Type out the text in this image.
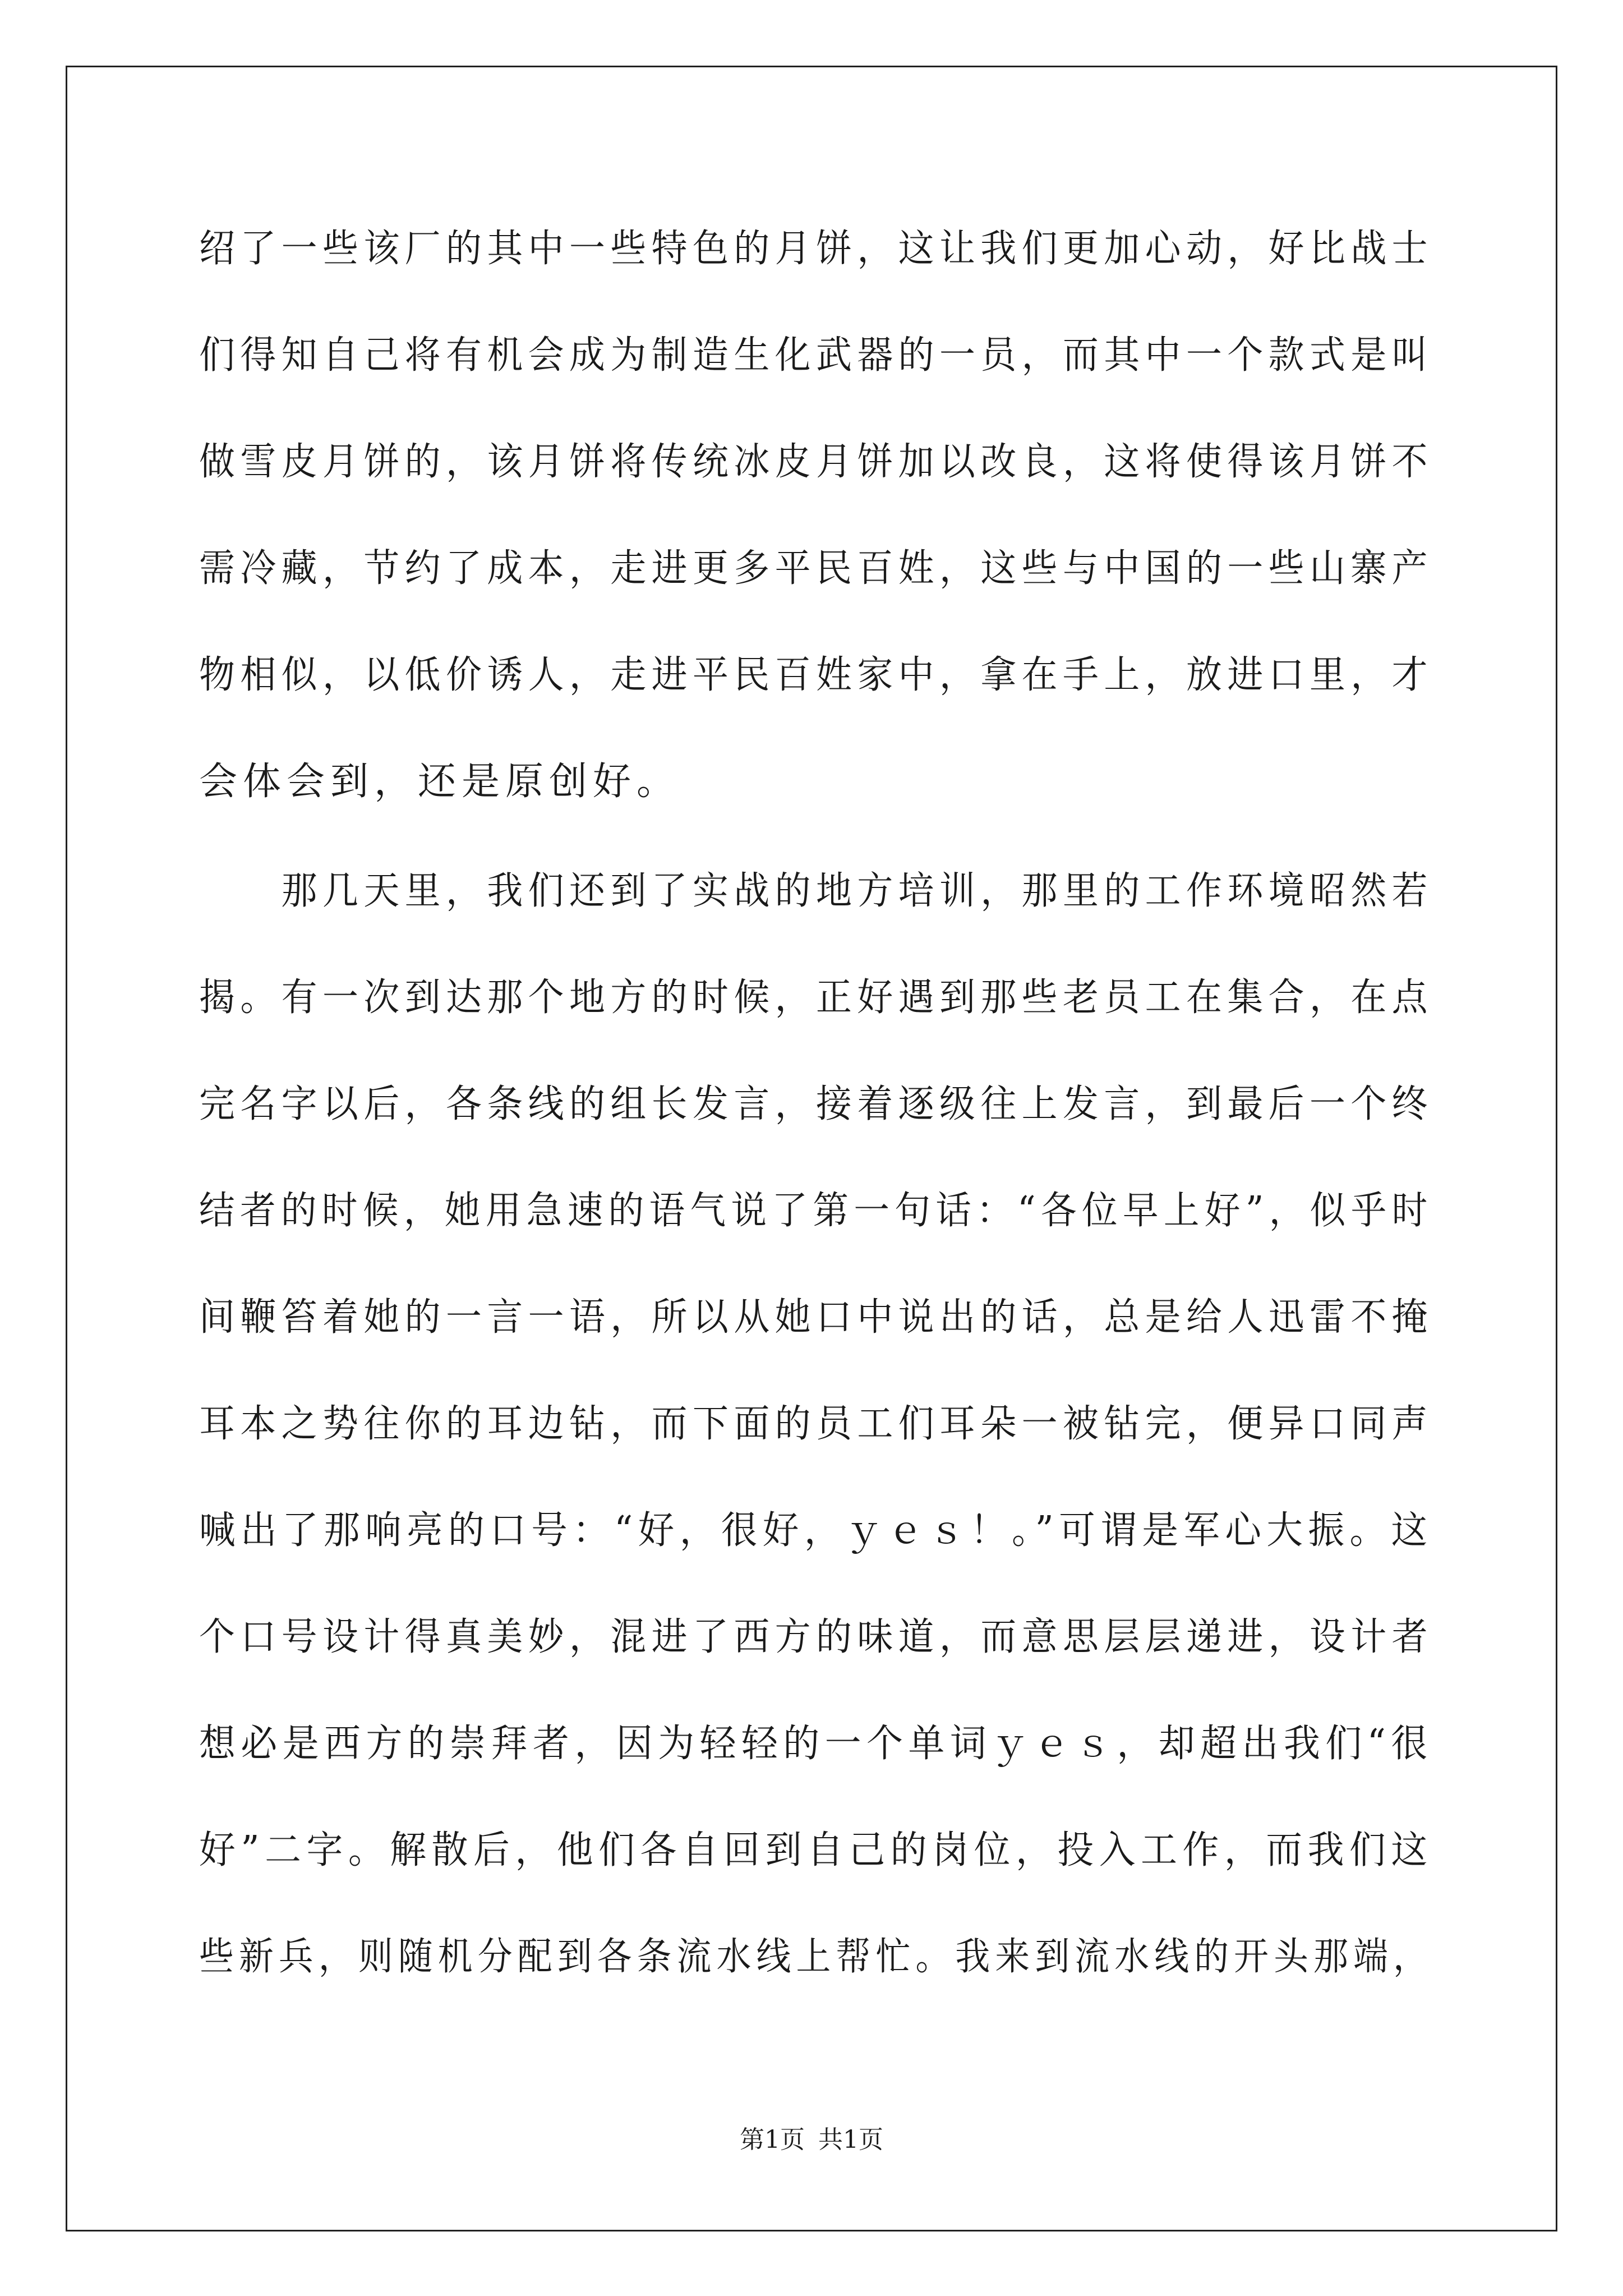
绍了一些该厂的其中一些特色的月饼，这让我们更加心动，好比战士
们得知自己将有机会成为制造生化武器的一员，而其中一个款式是叫
做雪皮月饼的，该月饼将传统冰皮月饼加以改良，这将使得该月饼不
需冷藏，节约了成本，走进更多平民百姓，这些与中国的一些山寨产
物相似，以低价诱人，走进平民百姓家中，拿在手上，放进口里，才
会体会到，还是原创好。
　　那几天里，我们还到了实战的地方培训，那里的工作环境昭然若
揭。有一次到达那个地方的时候，正好遇到那些老员工在集合，在点
完名字以后，各条线的组长发言，接着逐级往上发言，到最后一个终
结者的时候，她用急速的语气说了第一句话：“各位早上好”，似乎时
间鞭笞着她的一言一语，所以从她口中说出的话，总是给人迅雷不掩
耳本之势往你的耳边钻，而下面的员工们耳朵一被钻完，便异口同声
喊出了那响亮的口号：“好，很好，ｙｅｓ！。”可谓是军心大振。这
个口号设计得真美妙，混进了西方的味道，而意思层层递进，设计者
想必是西方的崇拜者，因为轻轻的一个单词ｙｅｓ，却超出我们“很
好”二字。解散后，他们各自回到自己的岗位，投入工作，而我们这
些新兵，则随机分配到各条流水线上帮忙。我来到流水线的开头那端，
第1页 共1页
